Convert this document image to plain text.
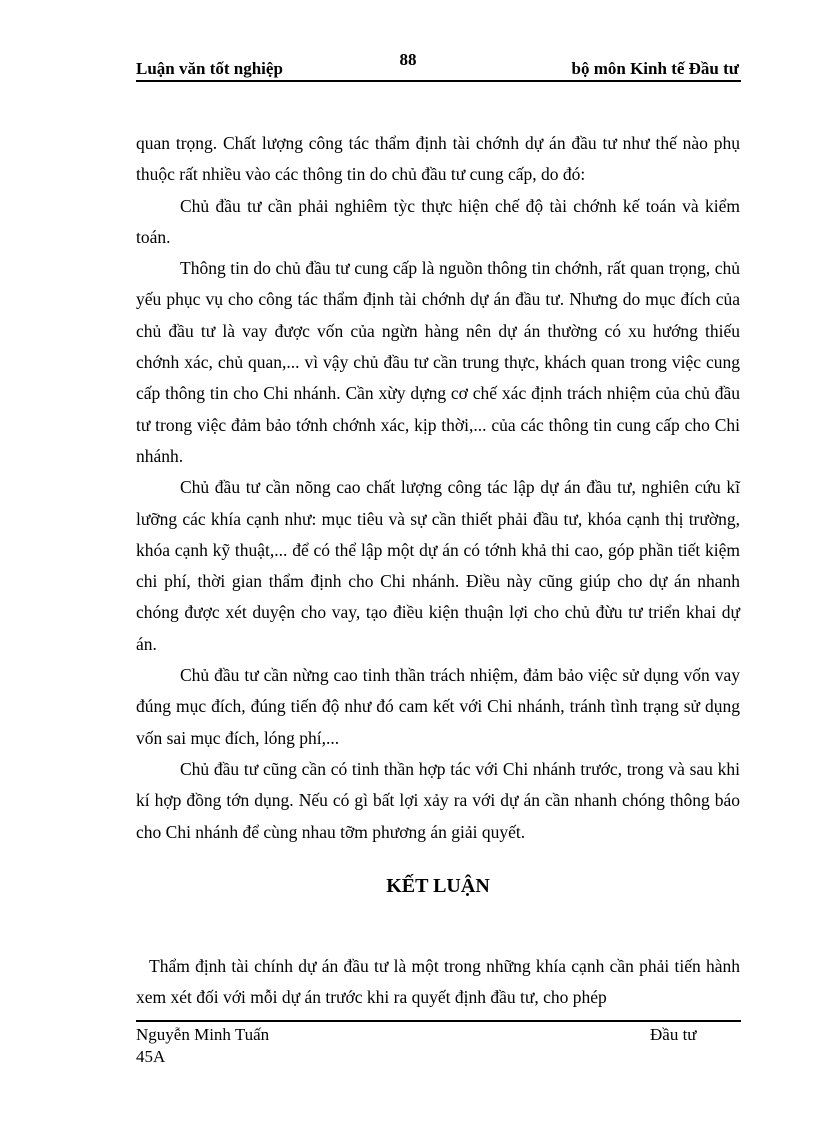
88
Luận văn tốt nghiệp	bộ môn Kinh tế Đầu tư

quan trọng. Chất lượng công tác thẩm định tài chớnh dự án đầu tư như thế nào phụ thuộc rất nhiều vào các thông tin do chủ đầu tư cung cấp, do đó:

Chủ đầu tư cần phải nghiêm tỳc thực hiện chế độ tài chớnh kế toán và kiểm toán.

Thông tin do chủ đầu tư cung cấp là nguồn thông tin chớnh, rất quan trọng, chủ yếu phục vụ cho công tác thẩm định tài chớnh dự án đầu tư. Nhưng do mục đích của chủ đầu tư là vay được vốn của ngừn hàng nên dự án thường có xu hướng thiếu chớnh xác, chủ quan,... vì vậy chủ đầu tư cần trung thực, khách quan trong việc cung cấp thông tin cho Chi nhánh. Cần xừy dựng cơ chế xác định trách nhiệm của chủ đầu tư trong việc đảm bảo tớnh chớnh xác, kịp thời,... của các thông tin cung cấp cho Chi nhánh.

Chủ đầu tư cần nõng cao chất lượng công tác lập dự án đầu tư, nghiên cứu kĩ lưỡng các khía cạnh như: mục tiêu và sự cần thiết phải đầu tư, khóa cạnh thị trường, khóa cạnh kỹ thuật,... để có thể lập một dự án có tớnh khả thi cao, góp phần tiết kiệm chi phí, thời gian thẩm định cho Chi nhánh. Điều này cũng giúp cho dự án nhanh chóng được xét duyện cho vay, tạo điều kiện thuận lợi cho chủ đừu tư triển khai dự án.

Chủ đầu tư cần nừng cao tinh thần trách nhiệm, đảm bảo việc sử dụng vốn vay đúng mục đích, đúng tiến độ như đó cam kết với Chi nhánh, tránh tình trạng sử dụng vốn sai mục đích, lóng phí,...

Chủ đầu tư cũng cần có tinh thần hợp tác với Chi nhánh trước, trong và sau khi kí hợp đồng tớn dụng. Nếu có gì bất lợi xảy ra với dự án cần nhanh chóng thông báo cho Chi nhánh để cùng nhau tỡm phương án giải quyết.

KẾT LUẬN

Thẩm định tài chính dự án đầu tư là một trong những khía cạnh cần phải tiến hành xem xét đối với mỗi dự án trước khi ra quyết định đầu tư, cho phép

Nguyễn Minh Tuấn
45A
Đầu tư
